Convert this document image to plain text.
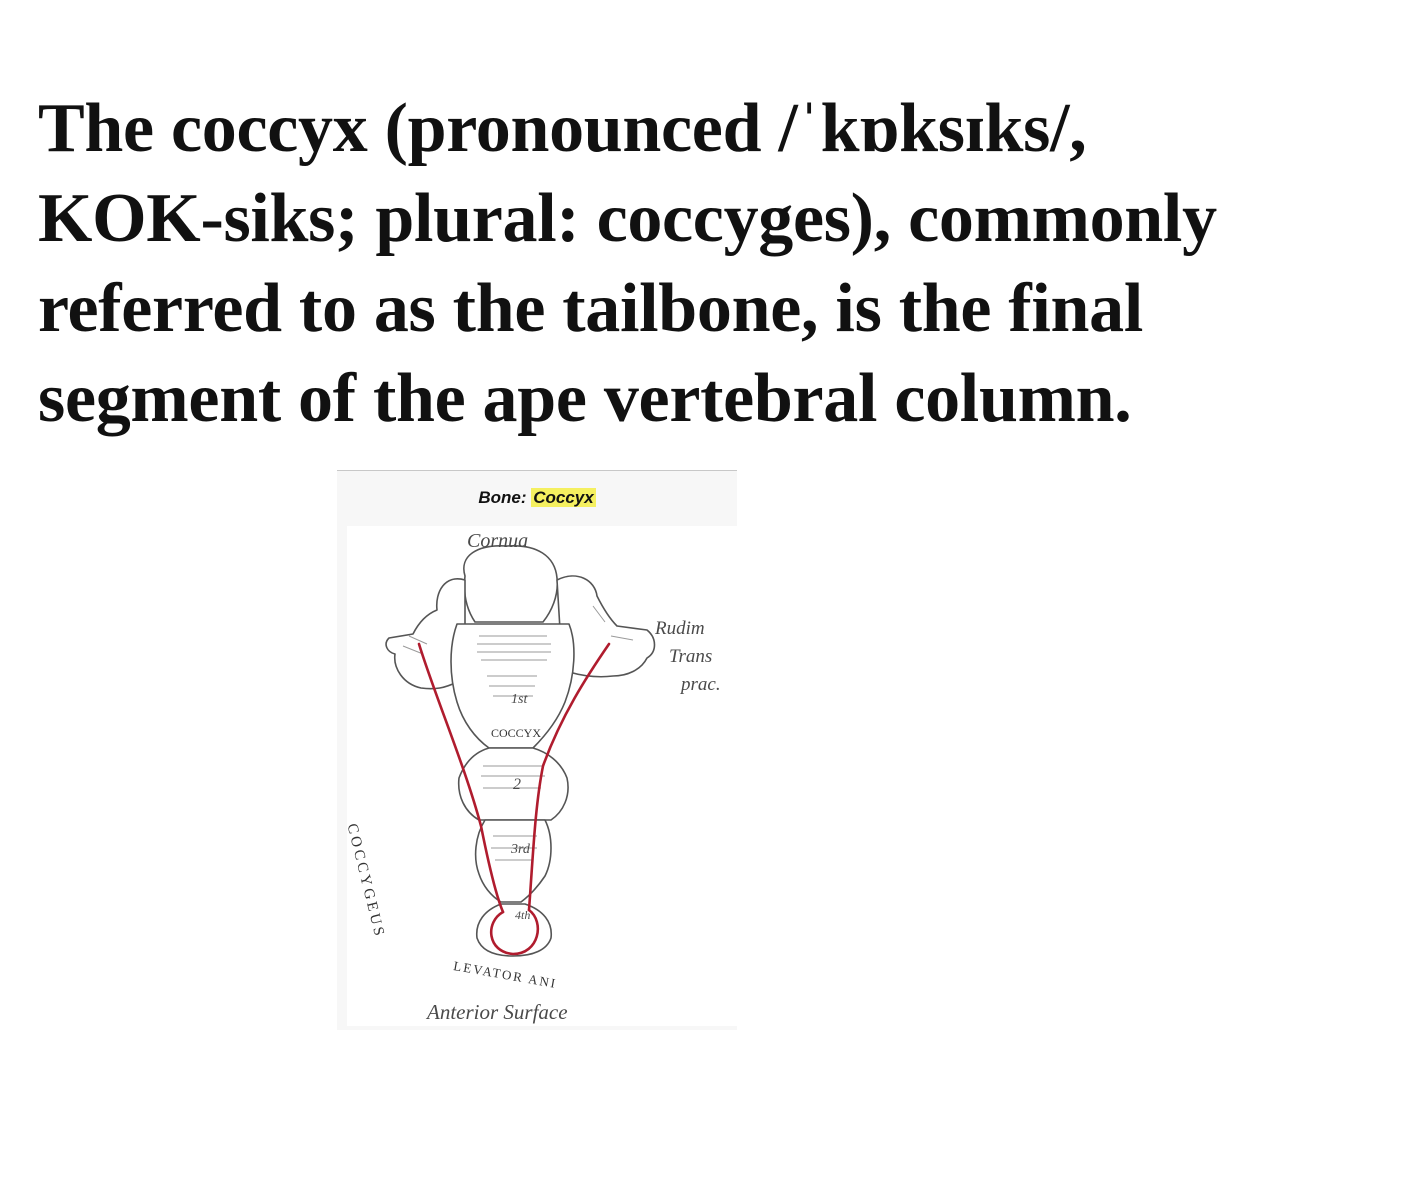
The coccyx (pronounced /ˈkɒksɪks/,
KOK-siks; plural: coccyges), commonly
referred to as the tailbone, is the final
segment of the ape vertebral column.
Bone: Coccyx
Cornua
Rudim
Trans
prac.
COCCYX
1st
2
3rd
4th
COCCYGEUS
LEVATOR ANI
Anterior Surface
